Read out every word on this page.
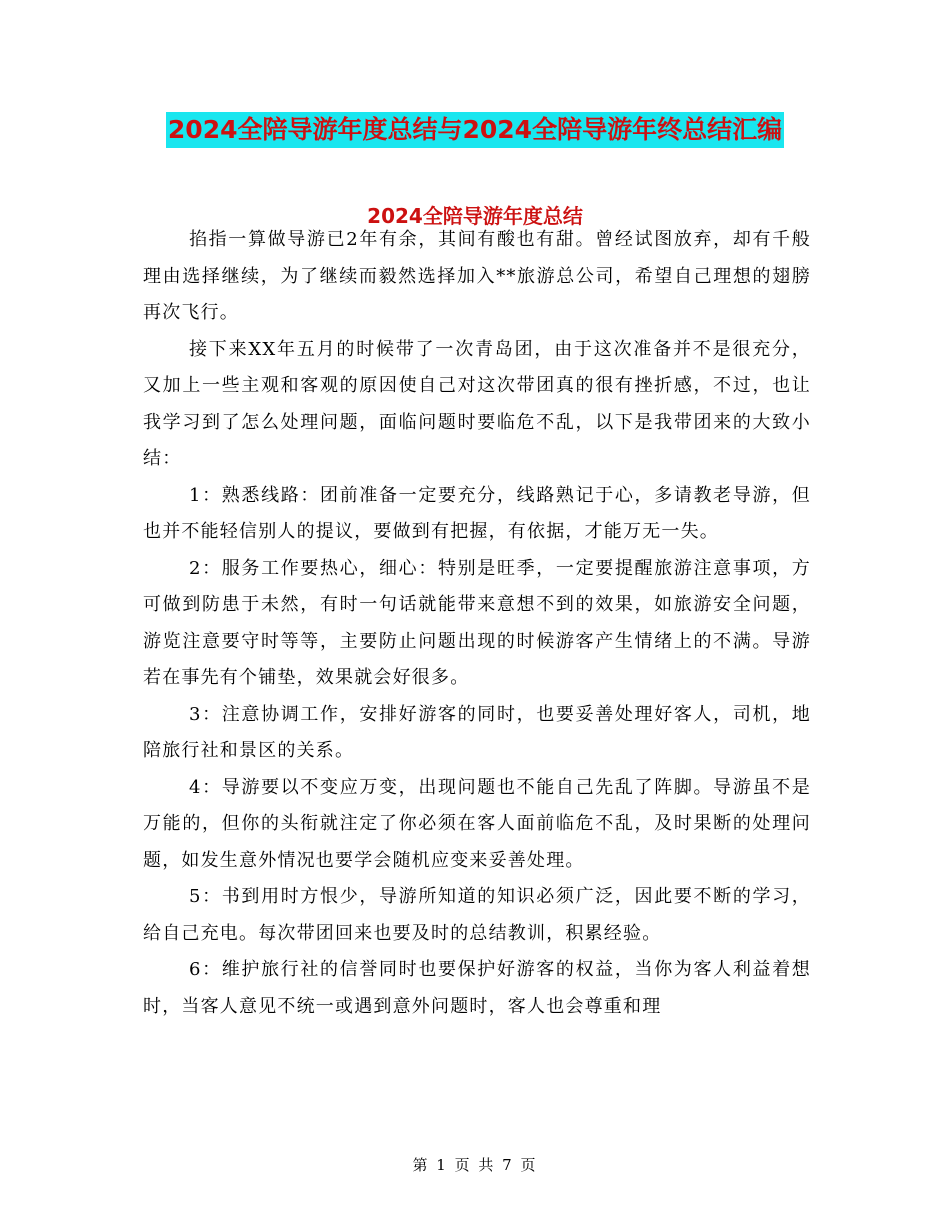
2024全陪导游年度总结与2024全陪导游年终总结汇编
2024全陪导游年度总结

掐指一算做导游已2年有余，其间有酸也有甜。曾经试图放弃，却有千般理由选择继续，为了继续而毅然选择加入**旅游总公司，希望自己理想的翅膀再次飞行。

接下来XX年五月的时候带了一次青岛团，由于这次准备并不是很充分，又加上一些主观和客观的原因使自己对这次带团真的很有挫折感，不过，也让我学习到了怎么处理问题，面临问题时要临危不乱，以下是我带团来的大致小结：

1：熟悉线路：团前准备一定要充分，线路熟记于心，多请教老导游，但也并不能轻信别人的提议，要做到有把握，有依据，才能万无一失。

2：服务工作要热心，细心：特别是旺季，一定要提醒旅游注意事项，方可做到防患于未然，有时一句话就能带来意想不到的效果，如旅游安全问题，游览注意要守时等等，主要防止问题出现的时候游客产生情绪上的不满。导游若在事先有个铺垫，效果就会好很多。

3：注意协调工作，安排好游客的同时，也要妥善处理好客人，司机，地陪旅行社和景区的关系。

4：导游要以不变应万变，出现问题也不能自己先乱了阵脚。导游虽不是万能的，但你的头衔就注定了你必须在客人面前临危不乱，及时果断的处理问题，如发生意外情况也要学会随机应变来妥善处理。

5：书到用时方恨少，导游所知道的知识必须广泛，因此要不断的学习，给自己充电。每次带团回来也要及时的总结教训，积累经验。

6：维护旅行社的信誉同时也要保护好游客的权益，当你为客人利益着想时，当客人意见不统一或遇到意外问题时，客人也会尊重和理

第 1 页 共 7 页
